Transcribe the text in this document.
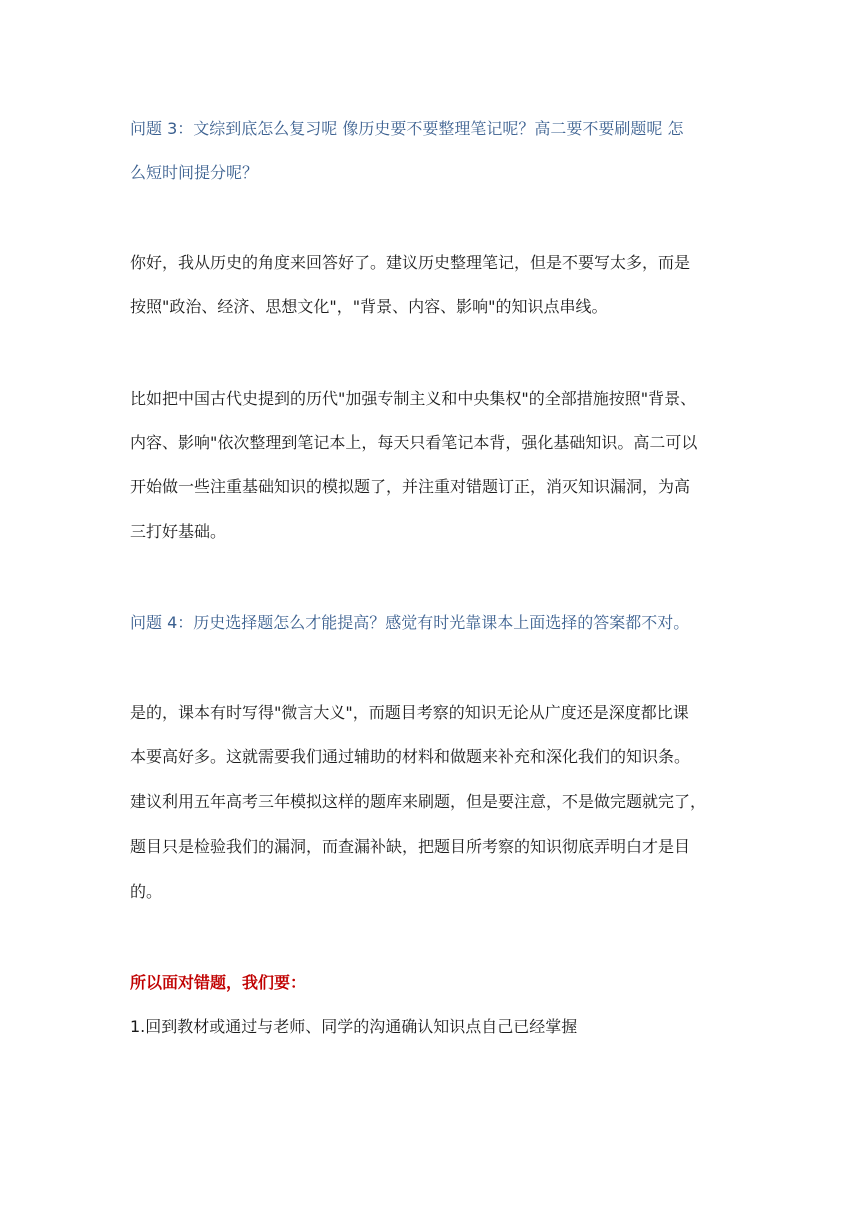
问题 3：文综到底怎么复习呢 像历史要不要整理笔记呢？高二要不要刷题呢 怎
么短时间提分呢？
你好，我从历史的角度来回答好了。建议历史整理笔记，但是不要写太多，而是
按照"政治、经济、思想文化"，"背景、内容、影响"的知识点串线。
比如把中国古代史提到的历代"加强专制主义和中央集权"的全部措施按照"背景、
内容、影响"依次整理到笔记本上，每天只看笔记本背，强化基础知识。高二可以
开始做一些注重基础知识的模拟题了，并注重对错题订正，消灭知识漏洞，为高
三打好基础。
问题 4：历史选择题怎么才能提高？感觉有时光靠课本上面选择的答案都不对。
是的，课本有时写得"微言大义"，而题目考察的知识无论从广度还是深度都比课
本要高好多。这就需要我们通过辅助的材料和做题来补充和深化我们的知识条。
建议利用五年高考三年模拟这样的题库来刷题，但是要注意，不是做完题就完了，
题目只是检验我们的漏洞，而查漏补缺，把题目所考察的知识彻底弄明白才是目
的。
所以面对错题，我们要：
1.回到教材或通过与老师、同学的沟通确认知识点自己已经掌握
